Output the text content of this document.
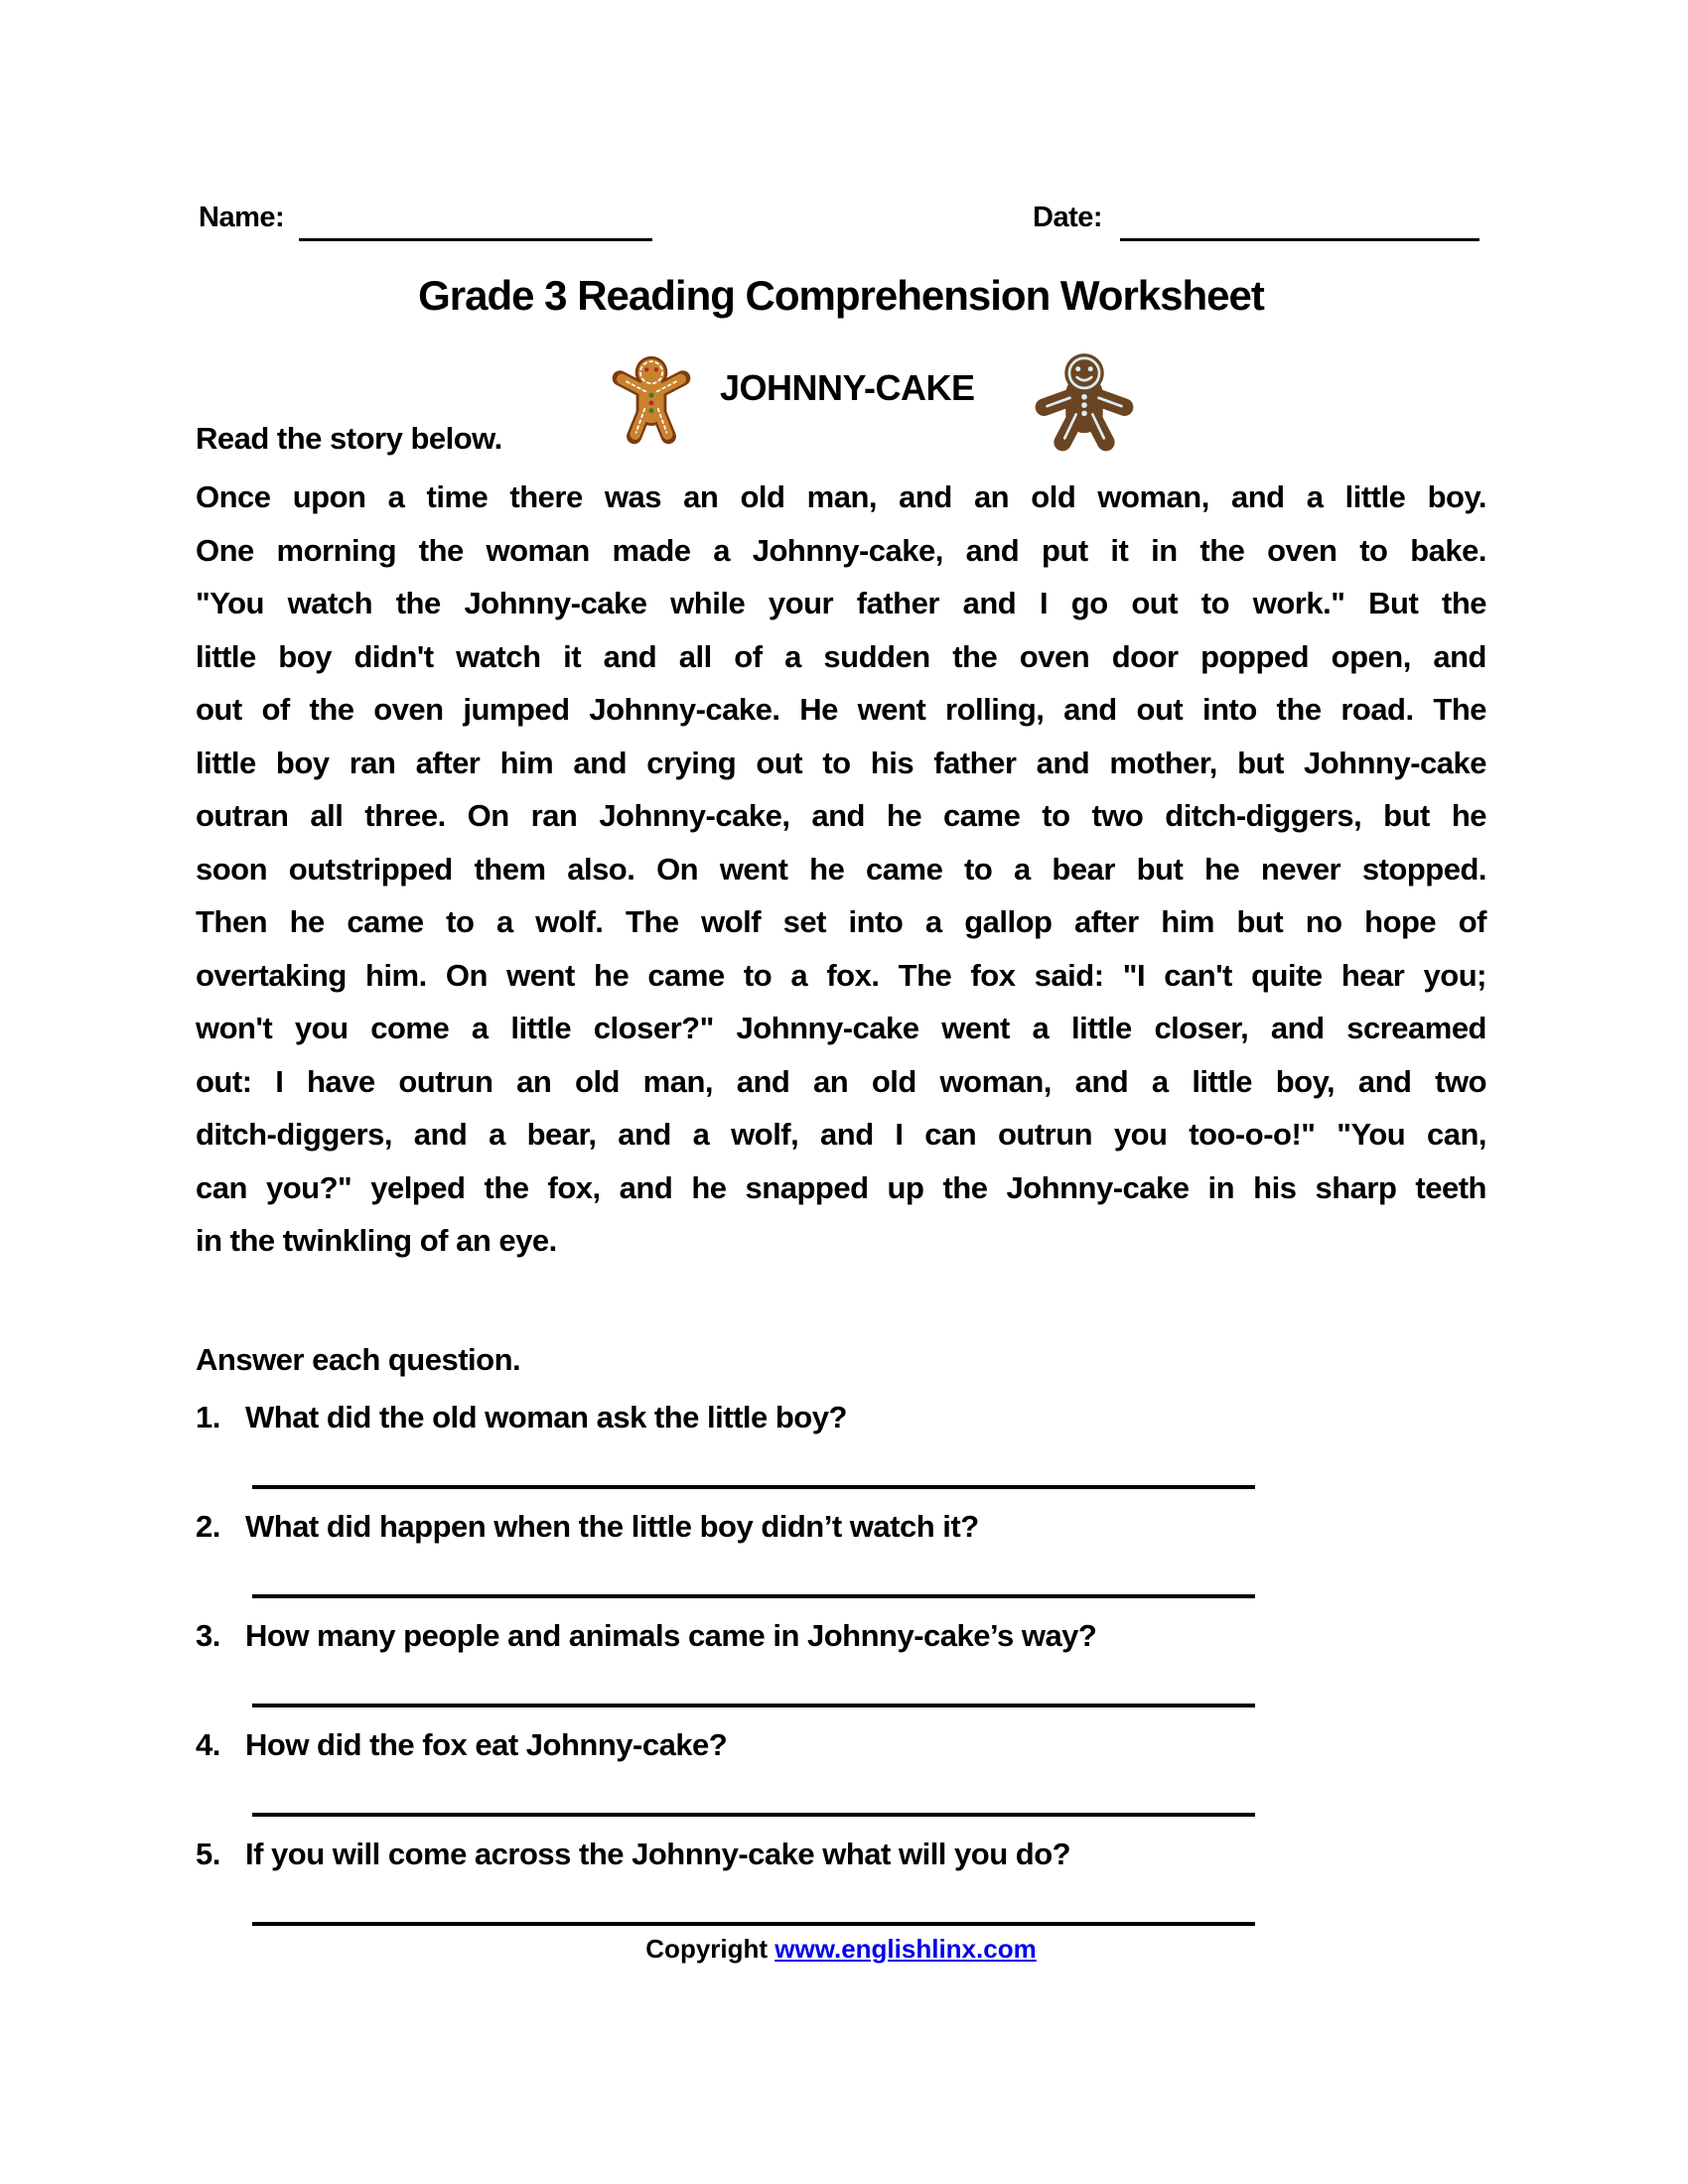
Name:	Date:
Grade 3 Reading Comprehension Worksheet
JOHNNY-CAKE
Read the story below.
Once upon a time there was an old man, and an old woman, and a little boy.
One morning the woman made a Johnny-cake, and put it in the oven to bake.
"You watch the Johnny-cake while your father and I go out to work." But the
little boy didn't watch it and all of a sudden the oven door popped open, and
out of the oven jumped Johnny-cake. He went rolling, and out into the road. The
little boy ran after him and crying out to his father and mother, but Johnny-cake
outran all three. On ran Johnny-cake, and he came to two ditch-diggers, but he
soon outstripped them also. On went he came to a bear but he never stopped.
Then he came to a wolf. The wolf set into a gallop after him but no hope of
overtaking him. On went he came to a fox. The fox said: "I can't quite hear you;
won't you come a little closer?" Johnny-cake went a little closer, and screamed
out: I have outrun an old man, and an old woman, and a little boy, and two
ditch-diggers, and a bear, and a wolf, and I can outrun you too-o-o!" "You can,
can you?" yelped the fox, and he snapped up the Johnny-cake in his sharp teeth
in the twinkling of an eye.
Answer each question.
1. What did the old woman ask the little boy?
2. What did happen when the little boy didn’t watch it?
3. How many people and animals came in Johnny-cake’s way?
4. How did the fox eat Johnny-cake?
5. If you will come across the Johnny-cake what will you do?
Copyright www.englishlinx.com
